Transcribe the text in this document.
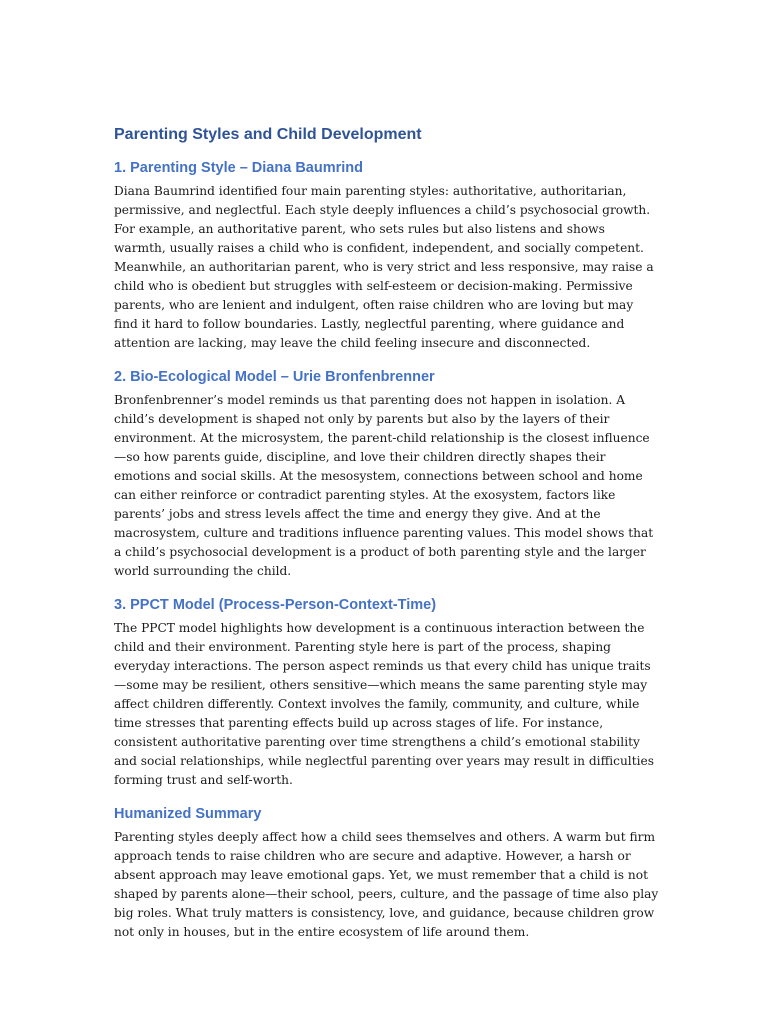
Parenting Styles and Child Development
1. Parenting Style – Diana Baumrind

Diana Baumrind identified four main parenting styles: authoritative, authoritarian, permissive, and neglectful. Each style deeply influences a child’s psychosocial growth. For example, an authoritative parent, who sets rules but also listens and shows warmth, usually raises a child who is confident, independent, and socially competent. Meanwhile, an authoritarian parent, who is very strict and less responsive, may raise a child who is obedient but struggles with self-esteem or decision-making. Permissive parents, who are lenient and indulgent, often raise children who are loving but may find it hard to follow boundaries. Lastly, neglectful parenting, where guidance and attention are lacking, may leave the child feeling insecure and disconnected.

2. Bio-Ecological Model – Urie Bronfenbrenner

Bronfenbrenner’s model reminds us that parenting does not happen in isolation. A child’s development is shaped not only by parents but also by the layers of their environment. At the microsystem, the parent-child relationship is the closest influence—so how parents guide, discipline, and love their children directly shapes their emotions and social skills. At the mesosystem, connections between school and home can either reinforce or contradict parenting styles. At the exosystem, factors like parents’ jobs and stress levels affect the time and energy they give. And at the macrosystem, culture and traditions influence parenting values. This model shows that a child’s psychosocial development is a product of both parenting style and the larger world surrounding the child.

3. PPCT Model (Process-Person-Context-Time)

The PPCT model highlights how development is a continuous interaction between the child and their environment. Parenting style here is part of the process, shaping everyday interactions. The person aspect reminds us that every child has unique traits—some may be resilient, others sensitive—which means the same parenting style may affect children differently. Context involves the family, community, and culture, while time stresses that parenting effects build up across stages of life. For instance, consistent authoritative parenting over time strengthens a child’s emotional stability and social relationships, while neglectful parenting over years may result in difficulties forming trust and self-worth.

Humanized Summary

Parenting styles deeply affect how a child sees themselves and others. A warm but firm approach tends to raise children who are secure and adaptive. However, a harsh or absent approach may leave emotional gaps. Yet, we must remember that a child is not shaped by parents alone—their school, peers, culture, and the passage of time also play big roles. What truly matters is consistency, love, and guidance, because children grow not only in houses, but in the entire ecosystem of life around them.
